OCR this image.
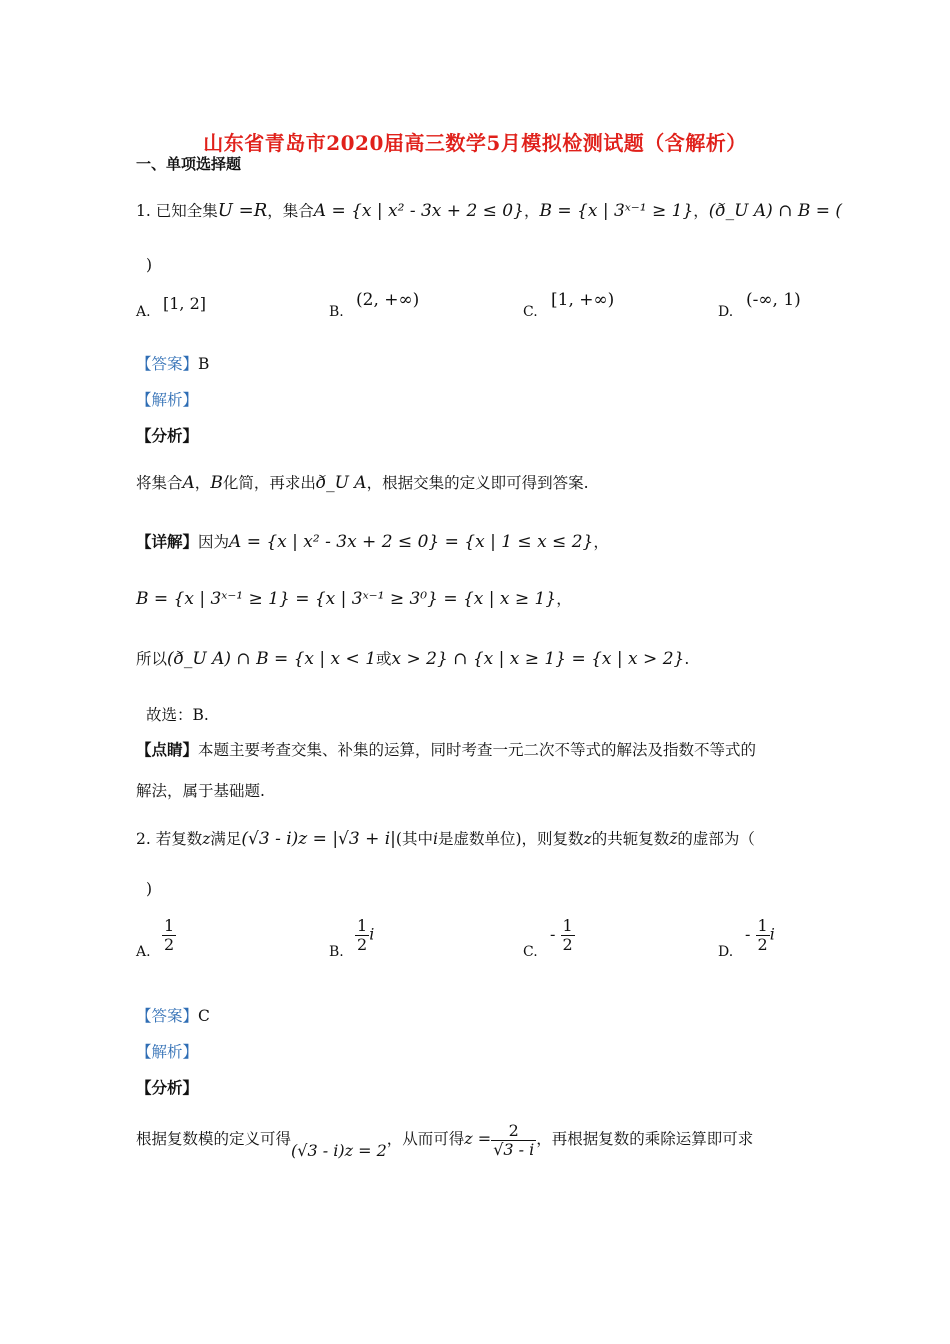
山东省青岛市2020届高三数学5月模拟检测试题（含解析）
一、单项选择题
1. 已知全集U =R，集合A = {x | x² - 3x + 2 ≤ 0}，B = {x | 3ˣ⁻¹ ≥ 1}，(ð_U A) ∩ B = (
)
A. [1, 2]	B.
(2, +∞)
C.
[1, +∞)
D.
(-∞, 1)
【答案】B
【解析】
【分析】
将集合A，B化简，再求出ð_U A，根据交集的定义即可得到答案.
【详解】因为A = {x | x² - 3x + 2 ≤ 0} = {x | 1 ≤ x ≤ 2}，
B = {x | 3ˣ⁻¹ ≥ 1} = {x | 3ˣ⁻¹ ≥ 3⁰} = {x | x ≥ 1}，
所以(ð_U A) ∩ B = {x | x < 1或x > 2} ∩ {x | x ≥ 1} = {x | x > 2}.
故选：B.
【点睛】本题主要考查交集、补集的运算，同时考查一元二次不等式的解法及指数不等式的
解法，属于基础题.
2. 若复数z满足(√3 - i)z = |√3 + i|(其中i是虚数单位)，则复数z的共轭复数z̄的虚部为（
)
A. $\frac{1}{2}$	B. $\frac{1}{2}$ i
C.
- $\frac{1}{2}$	D.
- $\frac{1}{2}$ i
【答案】C
【解析】
【分析】
根据复数模的定义可得(√3 - i)z = 2，从而可得$z = \frac{2}{√3 - i}$ ，再根据复数的乘除运算即可求
